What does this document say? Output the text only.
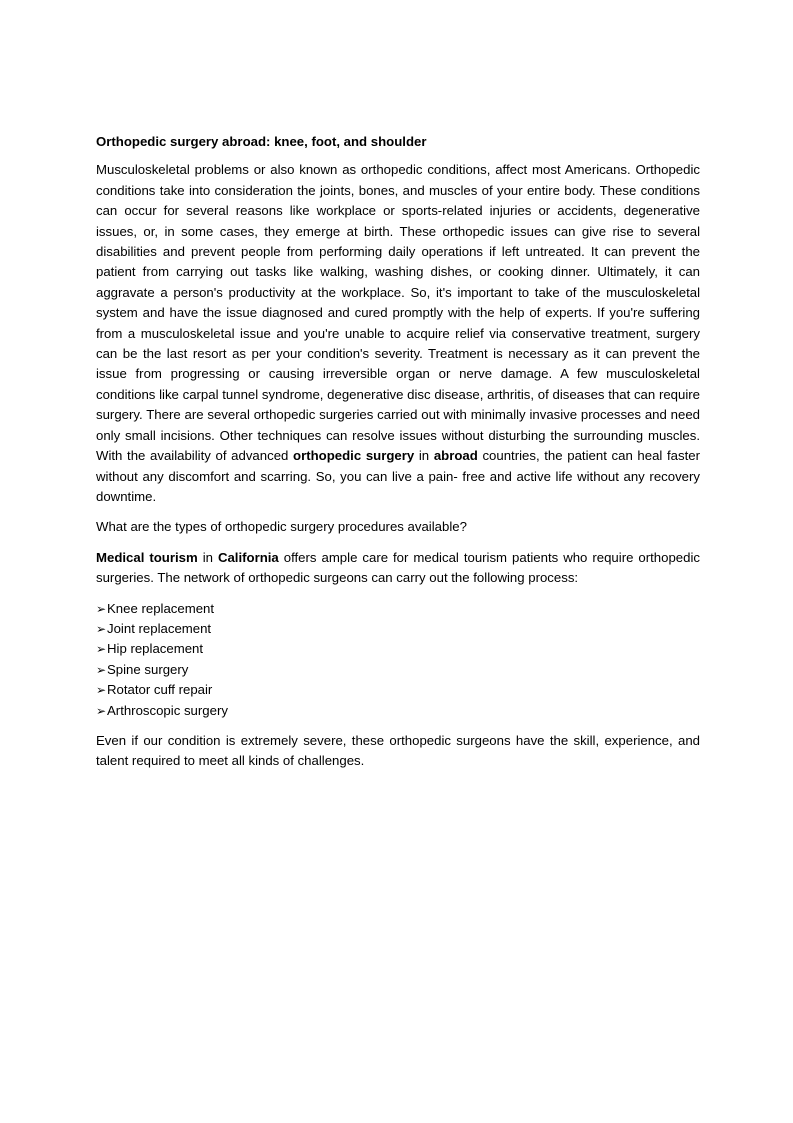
Orthopedic surgery abroad: knee, foot, and shoulder

Musculoskeletal problems or also known as orthopedic conditions, affect most Americans. Orthopedic conditions take into consideration the joints, bones, and muscles of your entire body. These conditions can occur for several reasons like workplace or sports-related injuries or accidents, degenerative issues, or, in some cases, they emerge at birth. These orthopedic issues can give rise to several disabilities and prevent people from performing daily operations if left untreated. It can prevent the patient from carrying out tasks like walking, washing dishes, or cooking dinner. Ultimately, it can aggravate a person's productivity at the workplace. So, it's important to take of the musculoskeletal system and have the issue diagnosed and cured promptly with the help of experts. If you're suffering from a musculoskeletal issue and you're unable to acquire relief via conservative treatment, surgery can be the last resort as per your condition's severity. Treatment is necessary as it can prevent the issue from progressing or causing irreversible organ or nerve damage. A few musculoskeletal conditions like carpal tunnel syndrome, degenerative disc disease, arthritis, of diseases that can require surgery. There are several orthopedic surgeries carried out with minimally invasive processes and need only small incisions. Other techniques can resolve issues without disturbing the surrounding muscles. With the availability of advanced orthopedic surgery in abroad countries, the patient can heal faster without any discomfort and scarring. So, you can live a pain- free and active life without any recovery downtime.

What are the types of orthopedic surgery procedures available?

Medical tourism in California offers ample care for medical tourism patients who require orthopedic surgeries. The network of orthopedic surgeons can carry out the following process:

➢ Knee replacement
➢ Joint replacement
➢ Hip replacement
➢ Spine surgery
➢ Rotator cuff repair
➢ Arthroscopic surgery

Even if our condition is extremely severe, these orthopedic surgeons have the skill, experience, and talent required to meet all kinds of challenges.
